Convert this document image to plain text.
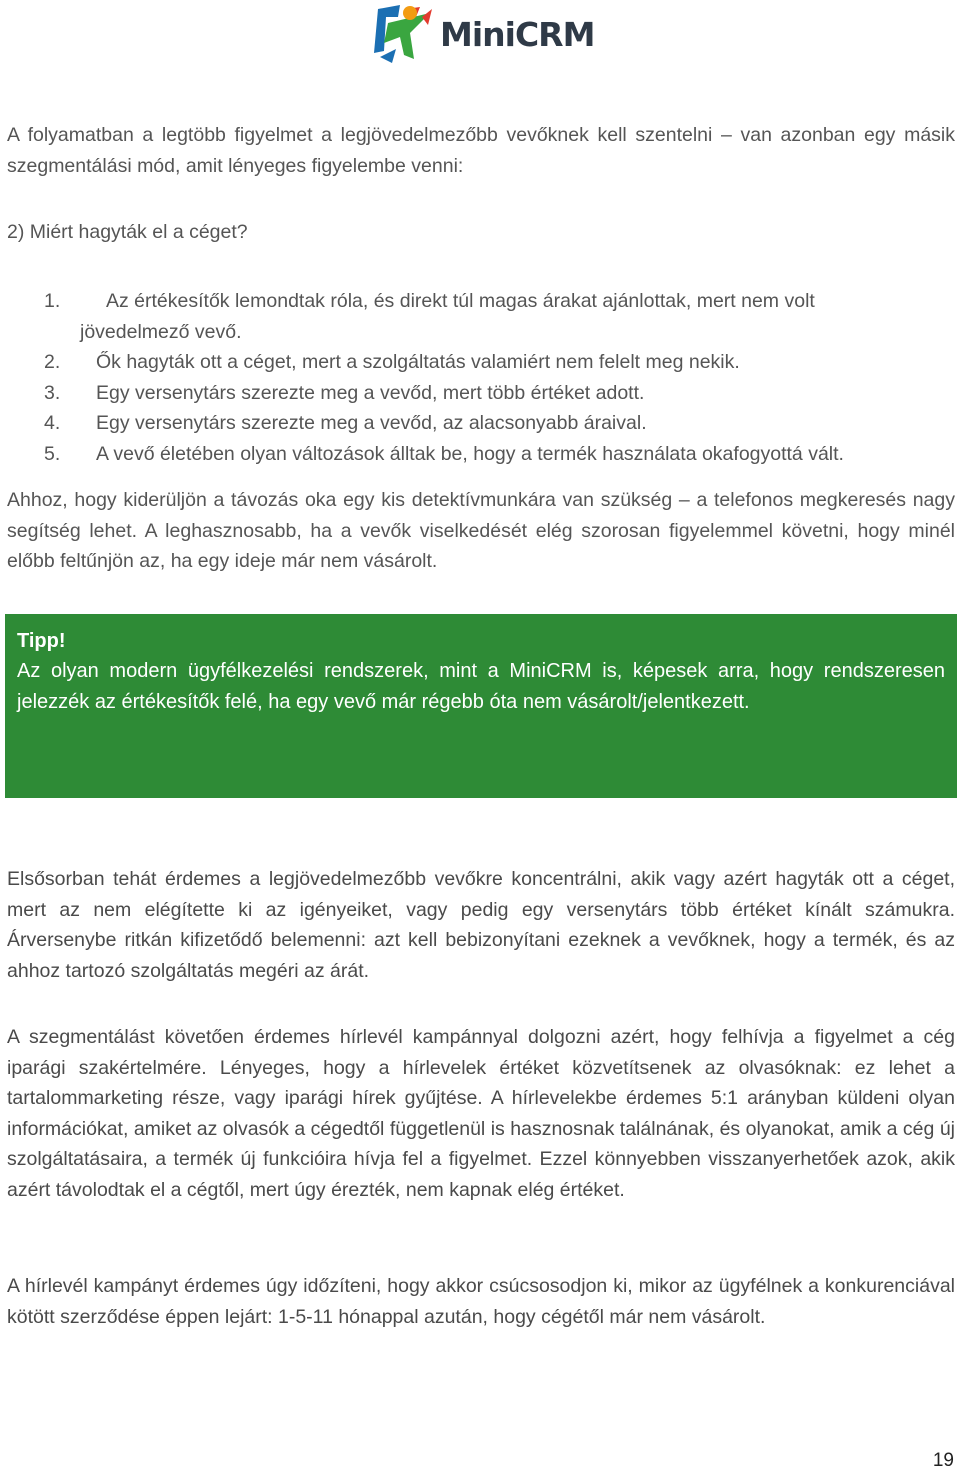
MiniCRM

A folyamatban a legtöbb figyelmet a legjövedelmezőbb vevőknek kell szentelni – van azonban egy másik szegmentálási mód, amit lényeges figyelembe venni:

2) Miért hagyták el a céget?
1. Az értékesítők lemondtak róla, és direkt túl magas árakat ajánlottak, mert nem volt
jövedelmező vevő.
2. Ők hagyták ott a céget, mert a szolgáltatás valamiért nem felelt meg nekik.
3. Egy versenytárs szerezte meg a vevőd, mert több értéket adott.
4. Egy versenytárs szerezte meg a vevőd, az alacsonyabb áraival.
5. A vevő életében olyan változások álltak be, hogy a termék használata okafogyottá vált.

Ahhoz, hogy kiderüljön a távozás oka egy kis detektívmunkára van szükség – a telefonos megkeresés nagy segítség lehet. A leghasznosabb, ha a vevők viselkedését elég szorosan figyelemmel követni, hogy minél előbb feltűnjön az, ha egy ideje már nem vásárolt.

Tipp!
Az olyan modern ügyfélkezelési rendszerek, mint a MiniCRM is, képesek arra, hogy rendszeresen jelezzék az értékesítők felé, ha egy vevő már régebb óta nem vásárolt/jelentkezett.

Elsősorban tehát érdemes a legjövedelmezőbb vevőkre koncentrálni, akik vagy azért hagyták ott a céget, mert az nem elégítette ki az igényeiket, vagy pedig egy versenytárs több értéket kínált számukra. Árversenybe ritkán kifizetődő belemenni: azt kell bebizonyítani ezeknek a vevőknek, hogy a termék, és az ahhoz tartozó szolgáltatás megéri az árát.

A szegmentálást követően érdemes hírlevél kampánnyal dolgozni azért, hogy felhívja a figyelmet a cég iparági szakértelmére. Lényeges, hogy a hírlevelek értéket közvetítsenek az olvasóknak: ez lehet a tartalommarketing része, vagy iparági hírek gyűjtése. A hírlevelekbe érdemes 5:1 arányban küldeni olyan információkat, amiket az olvasók a cégedtől függetlenül is hasznosnak találnának, és olyanokat, amik a cég új szolgáltatásaira, a termék új funkcióira hívja fel a figyelmet. Ezzel könnyebben visszanyerhetőek azok, akik azért távolodtak el a cégtől, mert úgy érezték, nem kapnak elég értéket.

A hírlevél kampányt érdemes úgy időzíteni, hogy akkor csúcsosodjon ki, mikor az ügyfélnek a konkurenciával kötött szerződése éppen lejárt: 1-5-11 hónappal azután, hogy cégétől már nem vásárolt.

19
